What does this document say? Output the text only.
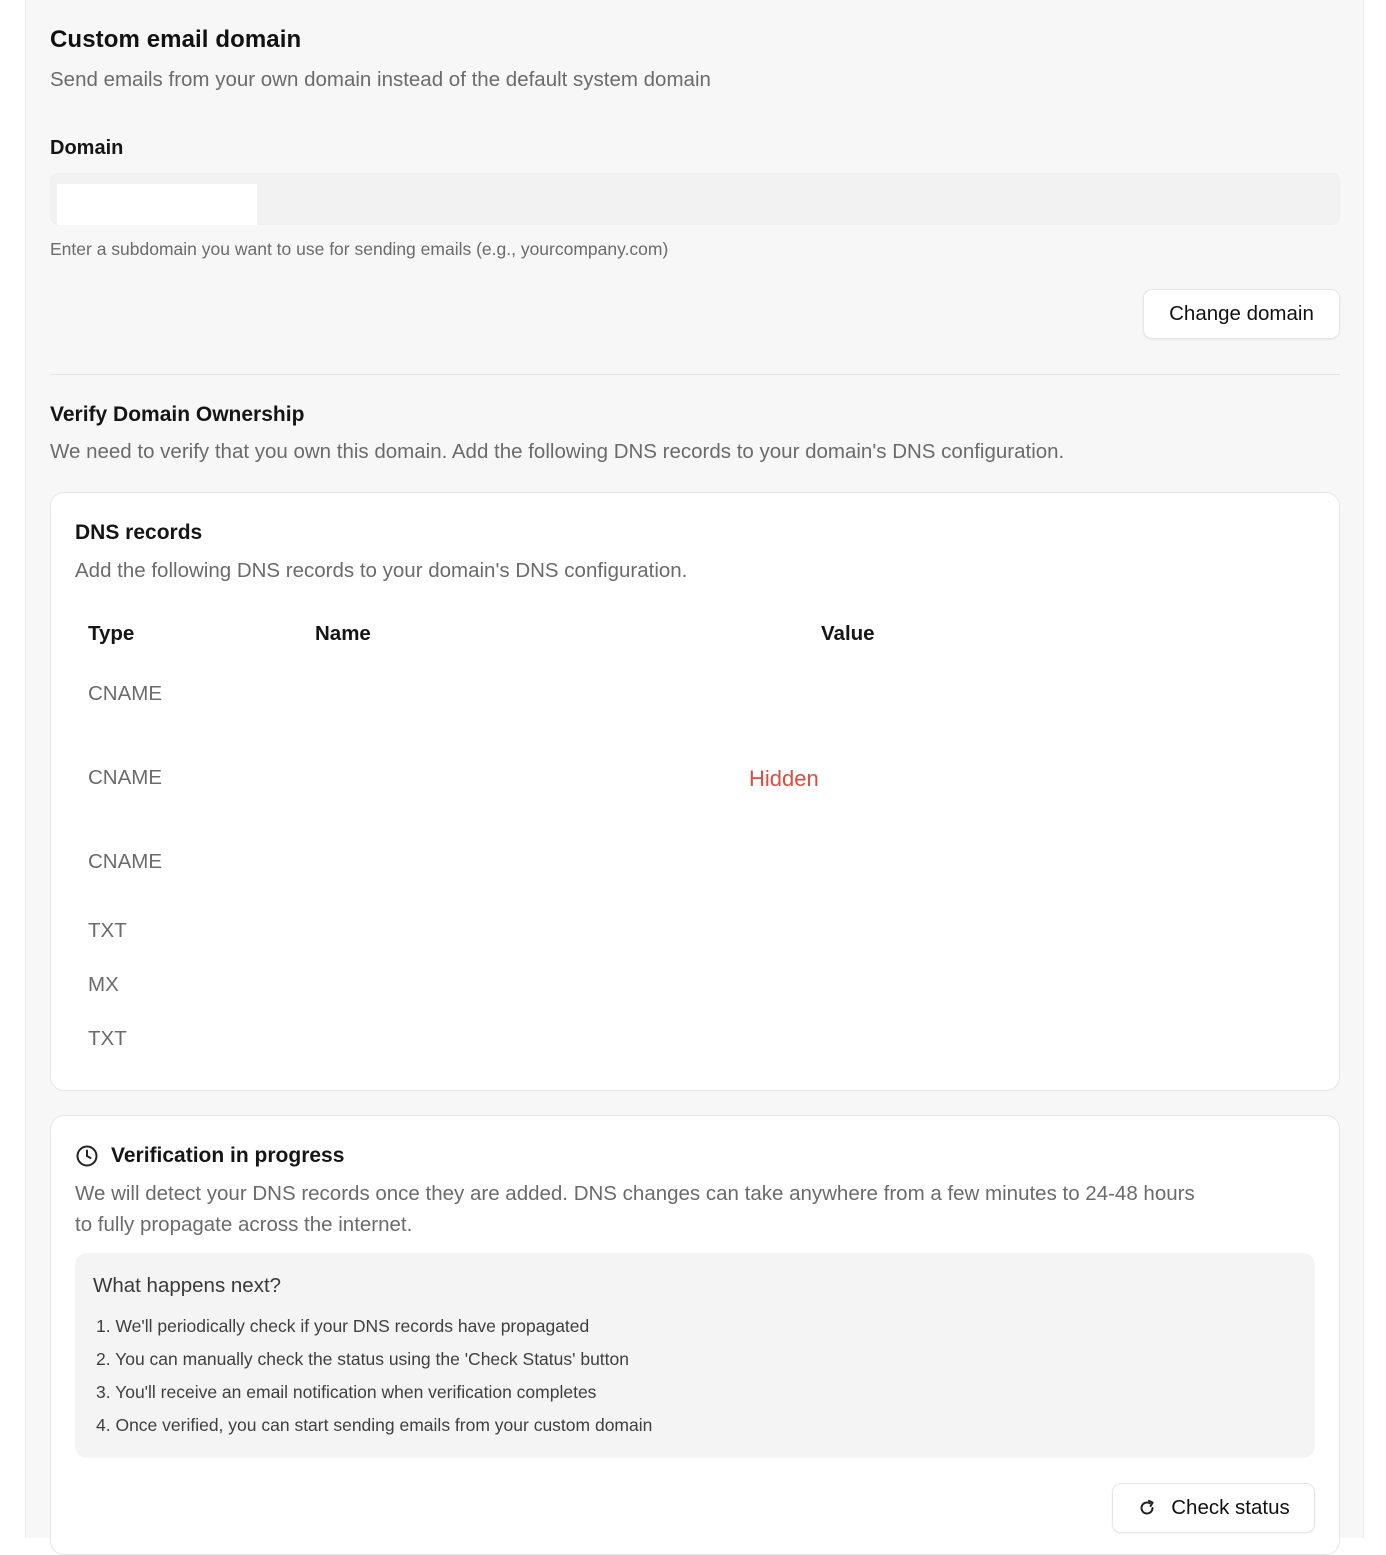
Custom email domain
Send emails from your own domain instead of the default system domain
Domain
Enter a subdomain you want to use for sending emails (e.g., yourcompany.com)
Change domain
Verify Domain Ownership
We need to verify that you own this domain. Add the following DNS records to your domain's DNS configuration.
DNS records
Add the following DNS records to your domain's DNS configuration.
Type	Name	Value
CNAME
CNAME
CNAME
TXT
MX
TXT
Hidden
Verification in progress
We will detect your DNS records once they are added. DNS changes can take anywhere from a few minutes to 24-48 hours
to fully propagate across the internet.
What happens next?
1. We'll periodically check if your DNS records have propagated
2. You can manually check the status using the 'Check Status' button
3. You'll receive an email notification when verification completes
4. Once verified, you can start sending emails from your custom domain
Check status
